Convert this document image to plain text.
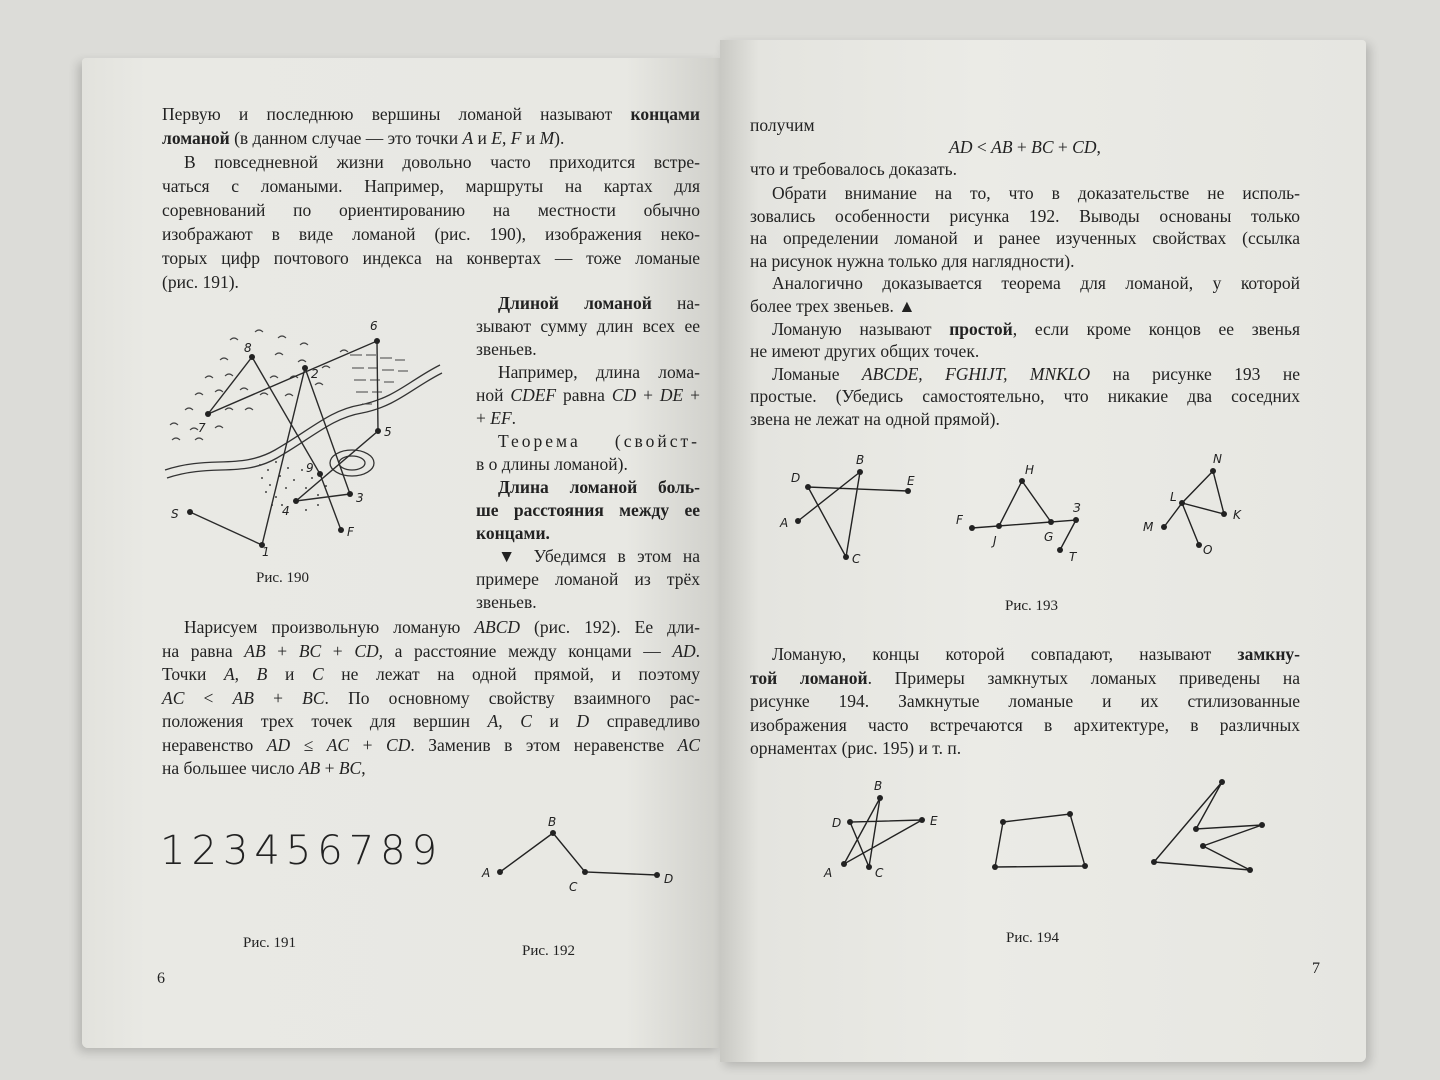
Первую и последнюю вершины ломаной называют концами
ломаной (в данном случае — это точки A и E, F и M).
В повседневной жизни довольно часто приходится встре-
чаться с ломаными. Например, маршруты на картах для
соревнований по ориентированию на местности обычно
изображают в виде ломаной (рис. 190), изображения неко-
торых цифр почтового индекса на конвертах — тоже ломаные
(рис. 191).
Длиной ломаной на-
зывают сумму длин всех ее
звеньев.
Например, длина лома-
ной CDEF равна CD + DE +
+ EF.
Теорема (свойст-
в о длины ломаной).
Длина ломаной боль-
ше расстояния между ее
концами.
▼ Убедимся в этом на
примере ломаной из трёх
звеньев.
Нарисуем произвольную ломаную ABCD (рис. 192). Ее дли-
на равна AB + BC + CD, а расстояние между концами — AD.
Точки A, B и C не лежат на одной прямой, и поэтому
AC < AB + BC. По основному свойству взаимного рас-
положения трех точек для вершин A, C и D справедливо
неравенство AD ≤ AC + CD. Заменив в этом неравенстве AC
на большее число AB + BC,
получим
AD < AB + BC + CD,
что и требовалось доказать.
Обрати внимание на то, что в доказательстве не исполь-
зовались особенности рисунка 192. Выводы основаны только
на определении ломаной и ранее изученных свойствах (ссылка
на рисунок нужна только для наглядности).
Аналогично доказывается теорема для ломаной, у которой
более трех звеньев. ▲
Ломаную называют простой, если кроме концов ее звенья
не имеют других общих точек.
Ломаные ABCDE, FGHIJT, MNKLO на рисунке 193 не
простые. (Убедись самостоятельно, что никакие два соседних
звена не лежат на одной прямой).
Ломаную, концы которой совпадают, называют замкну-
той ломаной. Примеры замкнутых ломаных приведены на
рисунке 194. Замкнутые ломаные и их стилизованные
изображения часто встречаются в архитектуре, в различных
орнаментах (рис. 195) и т. п.
6
8
7
2
5
9
3
4
S
1
F
Рис. 190
123456789
Рис. 191
A
B
C
D
Рис. 192
6
A
B
C
D	E
F
J
H
G
З
T
M
L
N
K
O
Рис. 193
A
B
C
D	E
Рис. 194
7
